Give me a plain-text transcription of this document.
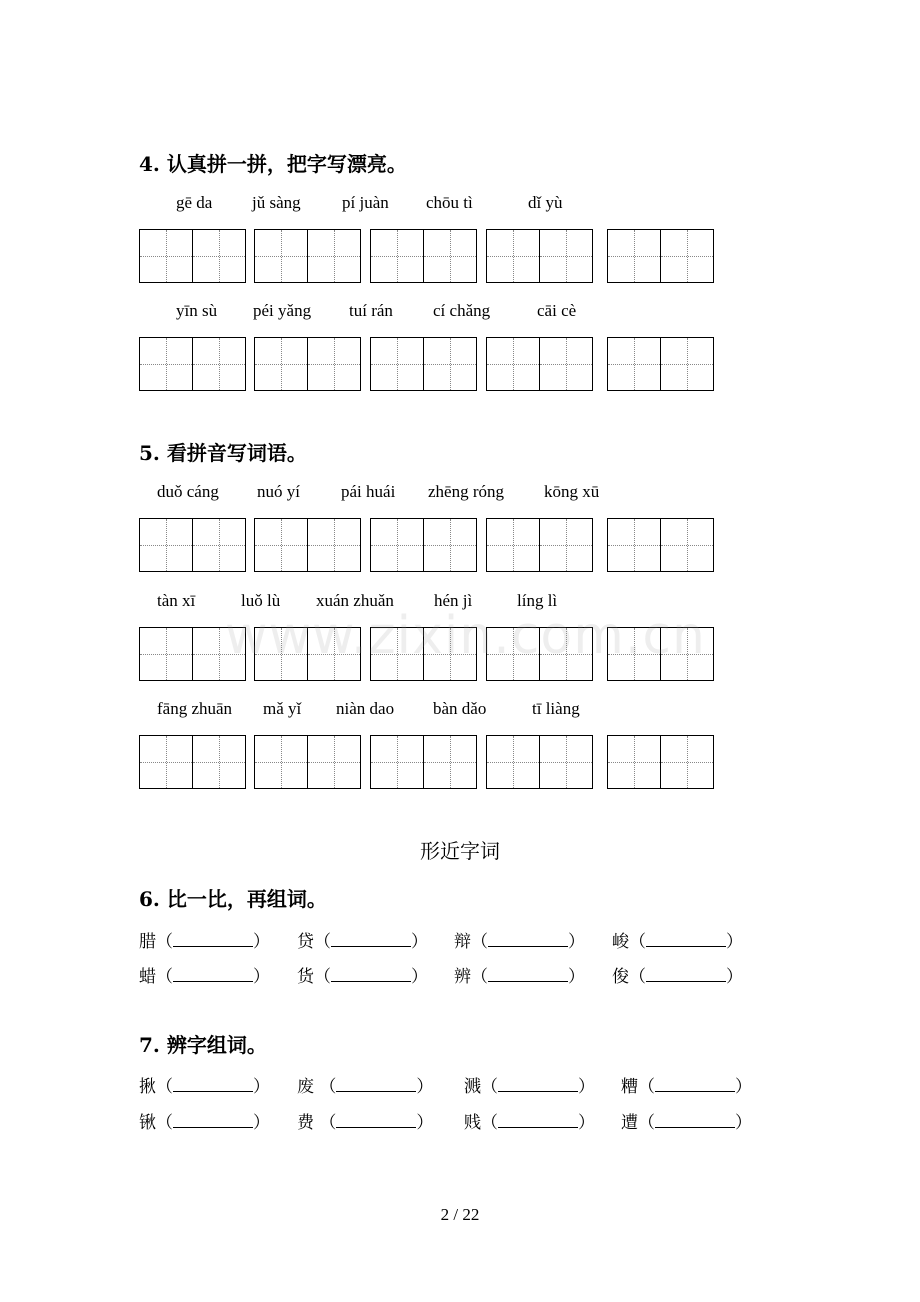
4. 认真拼一拼，把字写漂亮。
gē da jǔ sàng pí juàn chōu tì	dǐ yù
yīn sù péi yǎng tuí rán cí chǎng	cāi cè
5. 看拼音写词语。
duǒ cáng nuó yí pái huái zhēng róng kōng xū
tàn xī	luǒ lù xuán zhuǎn hén jì	líng lì
fāng zhuān mǎ yǐ niàn dao bàn dǎo	tī liàng
www.zixin.com.cn
形近字词
6. 比一比，再组词。
腊（	） 贷（	） 辩（	） 峻（	）
蜡（	） 货（	） 辨（	） 俊（	）
7. 辨字组词。
揪（	） 废 （	） 溅（	） 糟（	）
锹（	） 费 （	） 贱（	） 遭（	）
2 / 22
